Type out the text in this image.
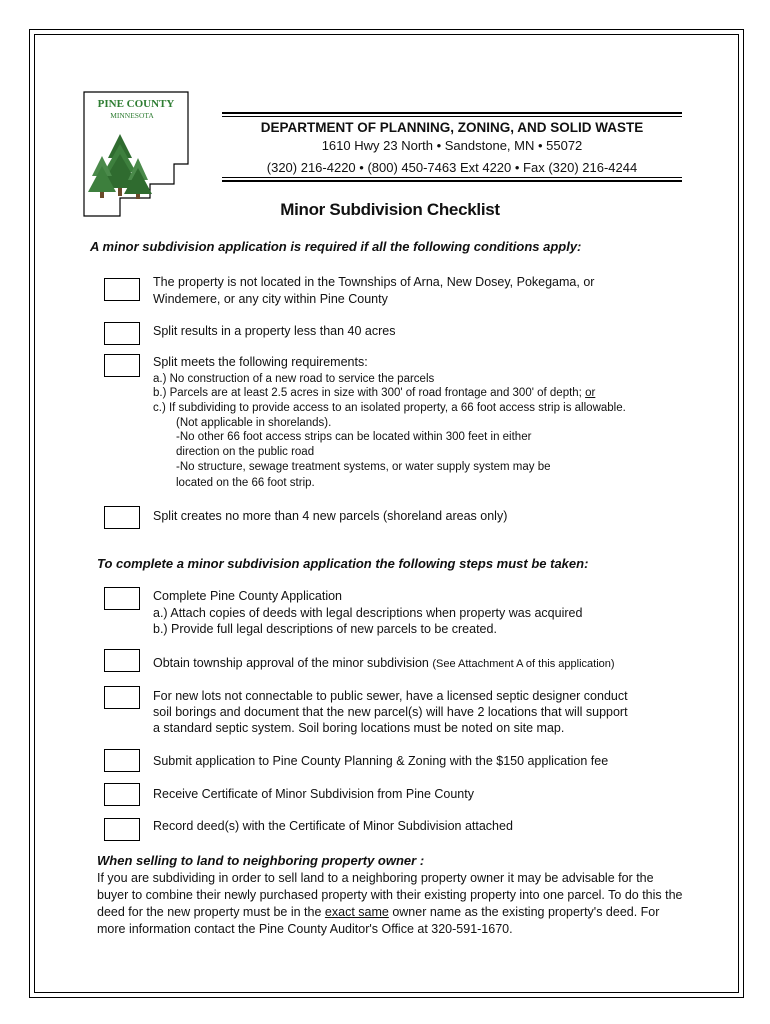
PINE COUNTY
MINNESOTA
DEPARTMENT OF PLANNING, ZONING, AND SOLID WASTE
1610 Hwy 23 North • Sandstone, MN • 55072
(320) 216-4220 • (800) 450-7463 Ext 4220 • Fax (320) 216-4244
Minor Subdivision Checklist
A minor subdivision application is required if all the following conditions apply:
The property is not located in the Townships of Arna, New Dosey, Pokegama, or
Windemere, or any city within Pine County
Split results in a property less than 40 acres
Split meets the following requirements:
a.) No construction of a new road to service the parcels
b.) Parcels are at least 2.5 acres in size with 300' of road frontage and 300' of depth; or
c.) If subdividing to provide access to an isolated property, a 66 foot access strip is allowable.
(Not applicable in shorelands).
-No other 66 foot access strips can be located within 300 feet in either
direction on the public road
-No structure, sewage treatment systems, or water supply system may be
located on the 66 foot strip.
Split creates no more than 4 new parcels (shoreland areas only)
To complete a minor subdivision application the following steps must be taken:
Complete Pine County Application
a.) Attach copies of deeds with legal descriptions when property was acquired
b.) Provide full legal descriptions of new parcels to be created.
Obtain township approval of the minor subdivision (See Attachment A of this application)
For new lots not connectable to public sewer, have a licensed septic designer conduct
soil borings and document that the new parcel(s) will have 2 locations that will support
a standard septic system. Soil boring locations must be noted on site map.
Submit application to Pine County Planning & Zoning with the $150 application fee
Receive Certificate of Minor Subdivision from Pine County
Record deed(s) with the Certificate of Minor Subdivision attached
When selling to land to neighboring property owner :
If you are subdividing in order to sell land to a neighboring property owner it may be advisable for the buyer to combine their newly purchased property with their existing property into one parcel. To do this the deed for the new property must be in the exact same owner name as the existing property's deed. For more information contact the Pine County Auditor's Office at 320-591-1670.
